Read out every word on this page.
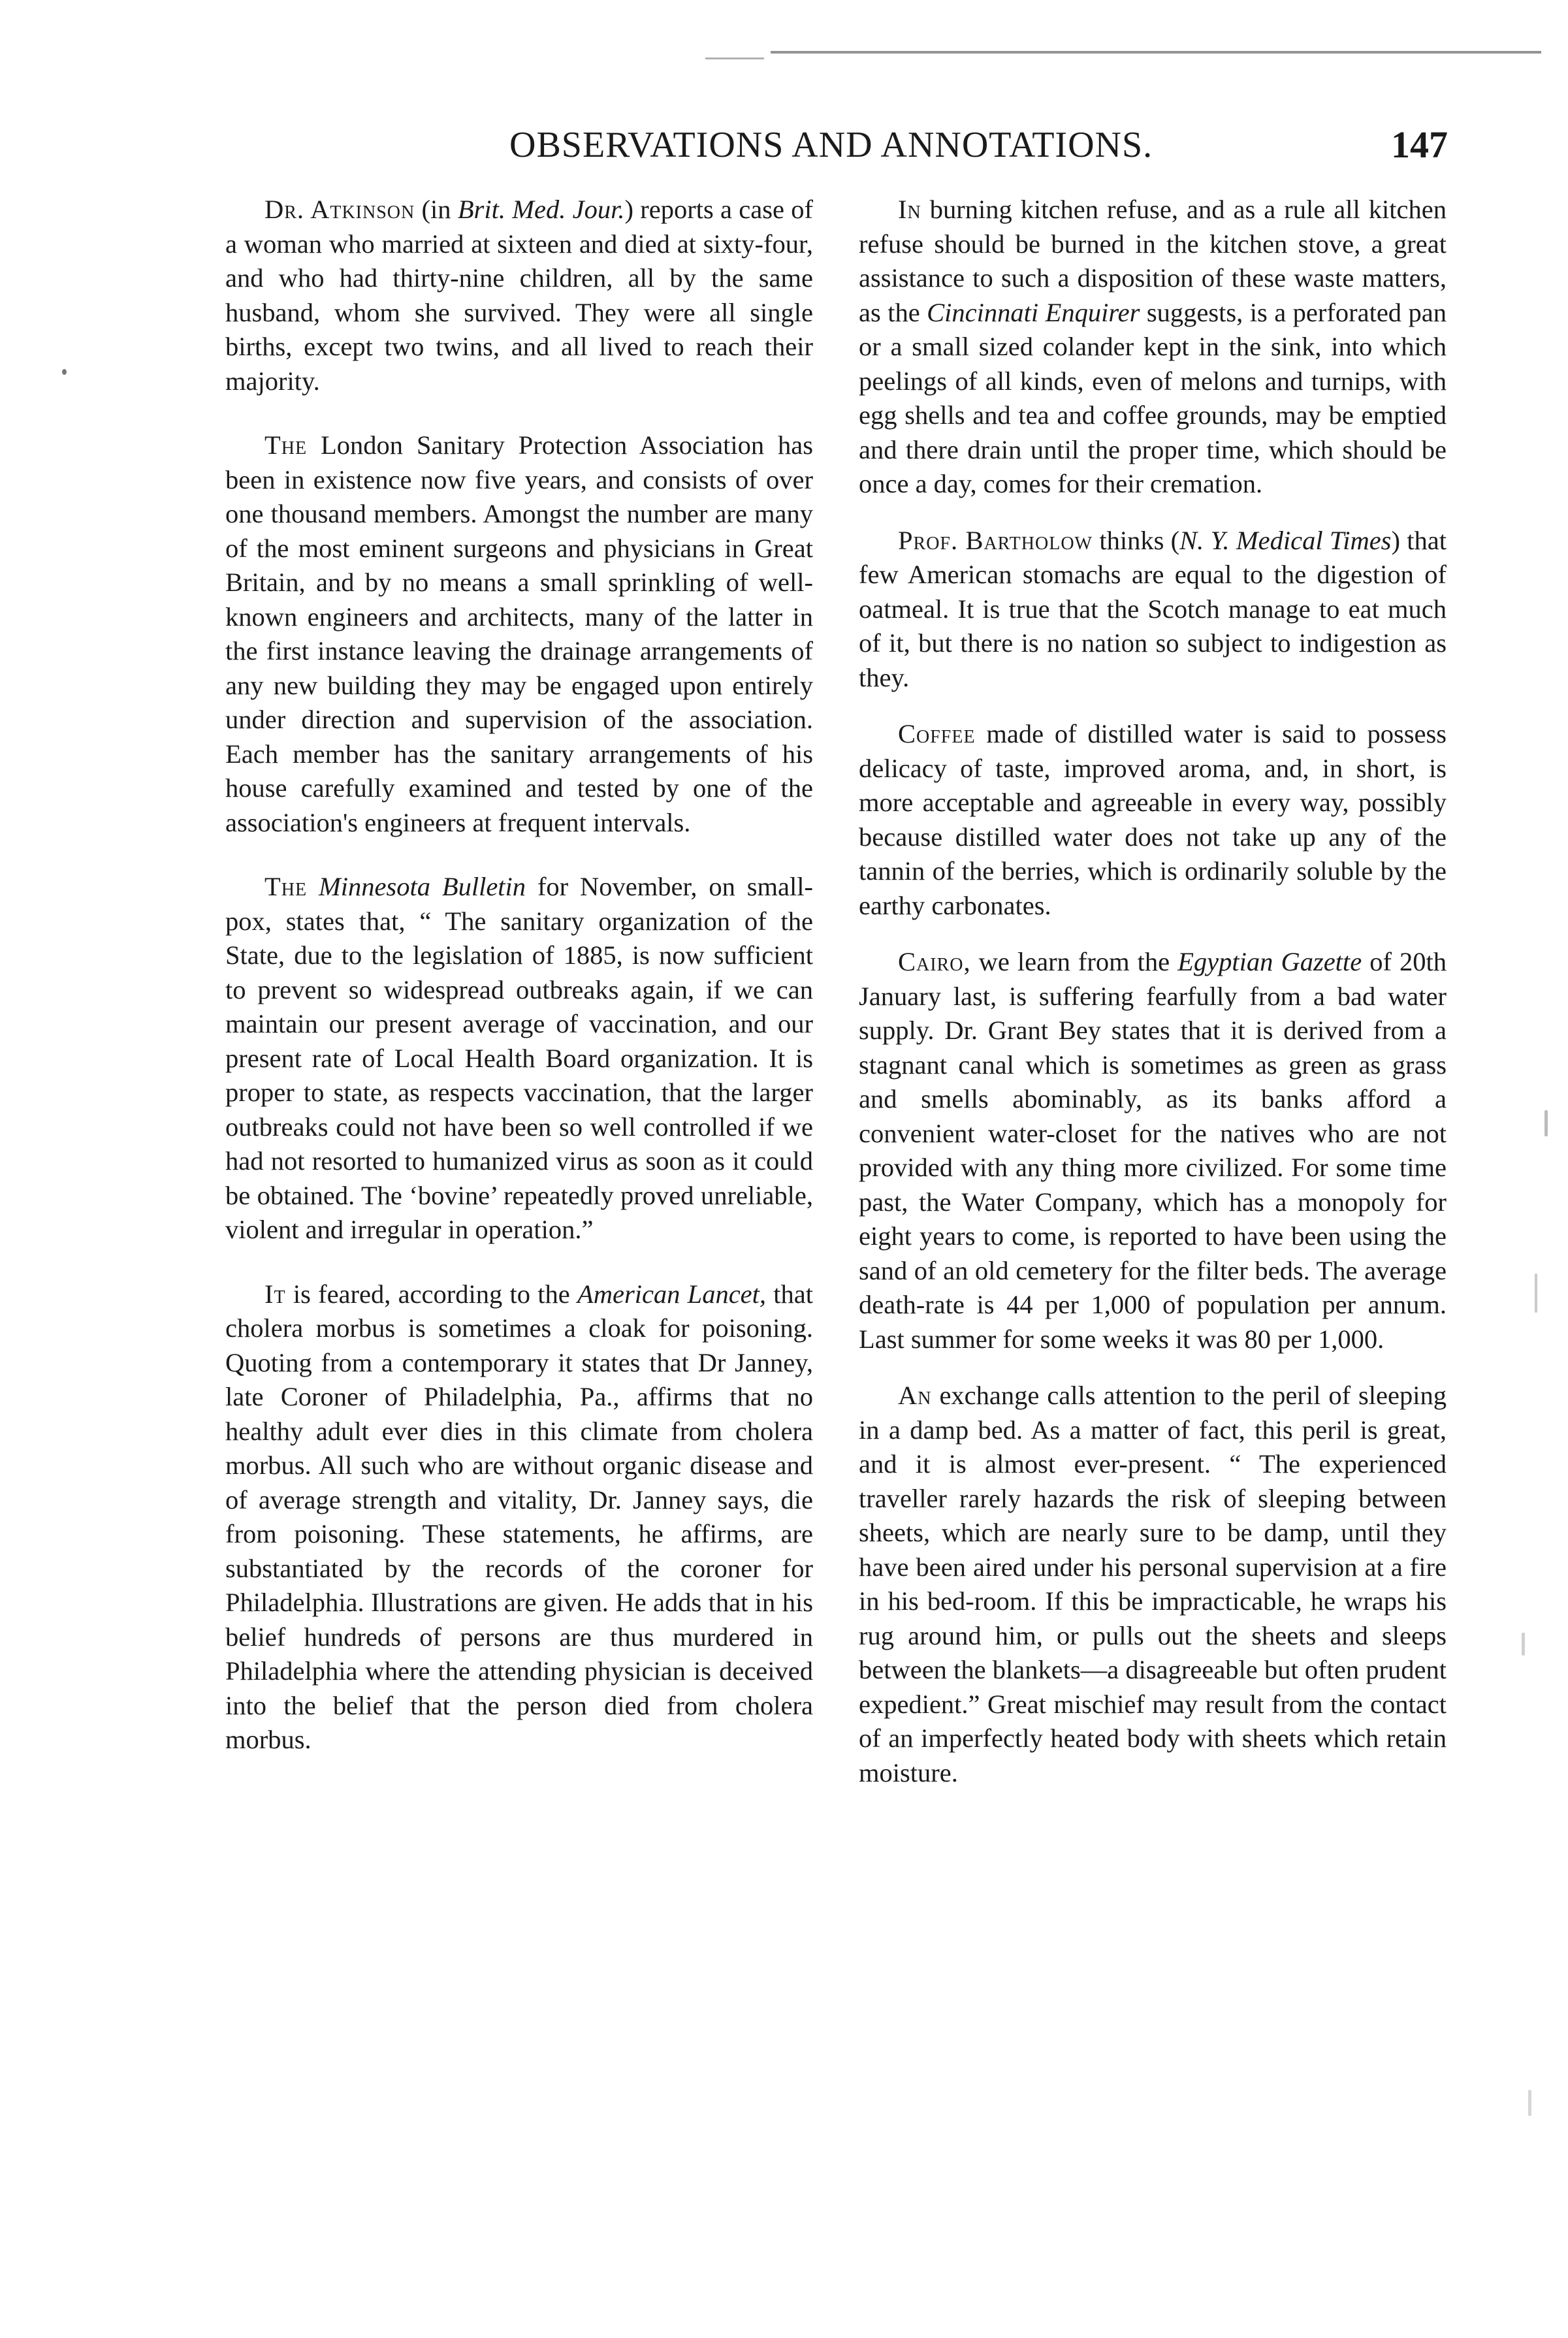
OBSERVATIONS AND ANNOTATIONS.	147

Dr. Atkinson (in Brit. Med. Jour.) reports a case of a woman who married at sixteen and died at sixty-four, and who had thirty-nine children, all by the same husband, whom she survived. They were all single births, except two twins, and all lived to reach their majority.

The London Sanitary Protection Association has been in existence now five years, and consists of over one thousand members. Amongst the number are many of the most eminent surgeons and physicians in Great Britain, and by no means a small sprinkling of well-known engineers and architects, many of the latter in the first instance leaving the drainage arrangements of any new building they may be engaged upon entirely under direction and supervision of the association. Each member has the sanitary arrangements of his house carefully examined and tested by one of the association's engineers at frequent intervals.

The Minnesota Bulletin for November, on small-pox, states that, “ The sanitary organization of the State, due to the legislation of 1885, is now sufficient to prevent so widespread outbreaks again, if we can maintain our present average of vaccination, and our present rate of Local Health Board organization. It is proper to state, as respects vaccination, that the larger outbreaks could not have been so well controlled if we had not resorted to humanized virus as soon as it could be obtained. The ‘bovine’ repeatedly proved unreliable, violent and irregular in operation.”

It is feared, according to the American Lancet, that cholera morbus is sometimes a cloak for poisoning. Quoting from a contemporary it states that Dr Janney, late Coroner of Philadelphia, Pa., affirms that no healthy adult ever dies in this climate from cholera morbus. All such who are without organic disease and of average strength and vitality, Dr. Janney says, die from poisoning. These statements, he affirms, are substantiated by the records of the coroner for Philadelphia. Illustrations are given. He adds that in his belief hundreds of persons are thus murdered in Philadelphia where the attending physician is deceived into the belief that the person died from cholera morbus.

In burning kitchen refuse, and as a rule all kitchen refuse should be burned in the kitchen stove, a great assistance to such a disposition of these waste matters, as the Cincinnati Enquirer suggests, is a perforated pan or a small sized colander kept in the sink, into which peelings of all kinds, even of melons and turnips, with egg shells and tea and coffee grounds, may be emptied and there drain until the proper time, which should be once a day, comes for their cremation.

Prof. Bartholow thinks (N. Y. Medical Times) that few American stomachs are equal to the digestion of oatmeal. It is true that the Scotch manage to eat much of it, but there is no nation so subject to indigestion as they.

Coffee made of distilled water is said to possess delicacy of taste, improved aroma, and, in short, is more acceptable and agreeable in every way, possibly because distilled water does not take up any of the tannin of the berries, which is ordinarily soluble by the earthy carbonates.

Cairo, we learn from the Egyptian Gazette of 20th January last, is suffering fearfully from a bad water supply. Dr. Grant Bey states that it is derived from a stagnant canal which is sometimes as green as grass and smells abominably, as its banks afford a convenient water-closet for the natives who are not provided with any thing more civilized. For some time past, the Water Company, which has a monopoly for eight years to come, is reported to have been using the sand of an old cemetery for the filter beds. The average death-rate is 44 per 1,000 of population per annum. Last summer for some weeks it was 80 per 1,000.

An exchange calls attention to the peril of sleeping in a damp bed. As a matter of fact, this peril is great, and it is almost ever-present. “ The experienced traveller rarely hazards the risk of sleeping between sheets, which are nearly sure to be damp, until they have been aired under his personal supervision at a fire in his bed-room. If this be impracticable, he wraps his rug around him, or pulls out the sheets and sleeps between the blankets—a disagreeable but often prudent expedient.” Great mischief may result from the contact of an imperfectly heated body with sheets which retain moisture.
